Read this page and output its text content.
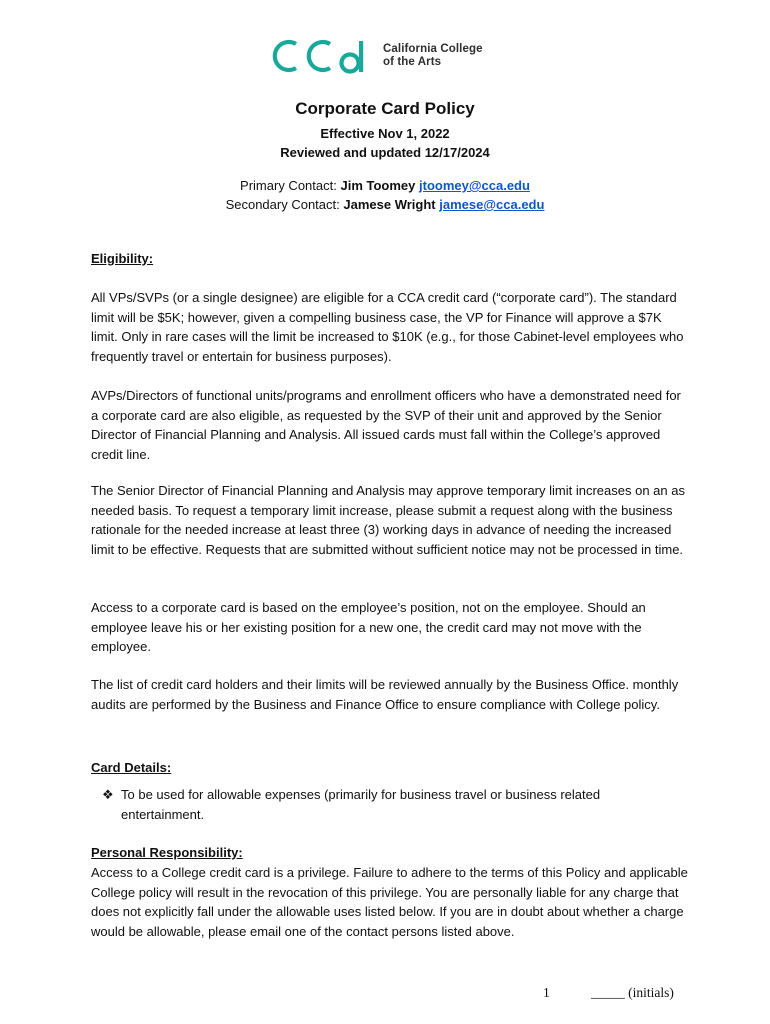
California College
of the Arts
Corporate Card Policy
Effective Nov 1, 2022
Reviewed and updated 12/17/2024
Primary Contact: Jim Toomey jtoomey@cca.edu
Secondary Contact: Jamese Wright jamese@cca.edu
Eligibility:
All VPs/SVPs (or a single designee) are eligible for a CCA credit card (“corporate card”). The standard limit will be $5K; however, given a compelling business case, the VP for Finance will approve a $7K limit. Only in rare cases will the limit be increased to $10K (e.g., for those Cabinet-level employees who frequently travel or entertain for business purposes).
AVPs/Directors of functional units/programs and enrollment officers who have a demonstrated need for a corporate card are also eligible, as requested by the SVP of their unit and approved by the Senior Director of Financial Planning and Analysis. All issued cards must fall within the College’s approved credit line.
The Senior Director of Financial Planning and Analysis may approve temporary limit increases on an as needed basis. To request a temporary limit increase, please submit a request along with the business rationale for the needed increase at least three (3) working days in advance of needing the increased limit to be effective. Requests that are submitted without sufficient notice may not be processed in time.
Access to a corporate card is based on the employee’s position, not on the employee. Should an employee leave his or her existing position for a new one, the credit card may not move with the employee.
The list of credit card holders and their limits will be reviewed annually by the Business Office. monthly audits are performed by the Business and Finance Office to ensure compliance with College policy.
Card Details:
❖ To be used for allowable expenses (primarily for business travel or business related entertainment.
Personal Responsibility:
Access to a College credit card is a privilege. Failure to adhere to the terms of this Policy and applicable College policy will result in the revocation of this privilege. You are personally liable for any charge that does not explicitly fall under the allowable uses listed below. If you are in doubt about whether a charge would be allowable, please email one of the contact persons listed above.
1	_____ (initials)
